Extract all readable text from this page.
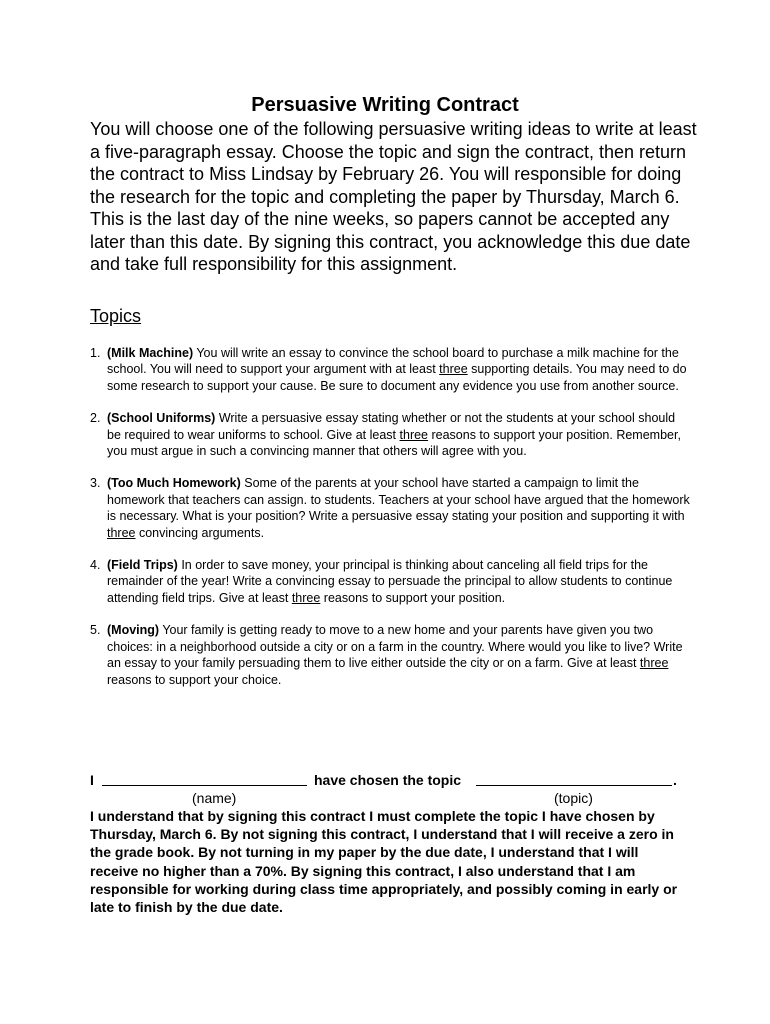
Persuasive Writing Contract

You will choose one of the following persuasive writing ideas to write at least a five-paragraph essay. Choose the topic and sign the contract, then return the contract to Miss Lindsay by February 26. You will responsible for doing the research for the topic and completing the paper by Thursday, March 6. This is the last day of the nine weeks, so papers cannot be accepted any later than this date. By signing this contract, you acknowledge this due date and take full responsibility for this assignment.

Topics
1. (Milk Machine) You will write an essay to convince the school board to purchase a milk machine for the school. You will need to support your argument with at least three supporting details. You may need to do some research to support your cause. Be sure to document any evidence you use from another source.
2. (School Uniforms) Write a persuasive essay stating whether or not the students at your school should be required to wear uniforms to school. Give at least three reasons to support your position. Remember, you must argue in such a convincing manner that others will agree with you.
3. (Too Much Homework) Some of the parents at your school have started a campaign to limit the homework that teachers can assign. to students. Teachers at your school have argued that the homework is necessary. What is your position? Write a persuasive essay stating your position and supporting it with three convincing arguments.
4. (Field Trips) In order to save money, your principal is thinking about canceling all field trips for the remainder of the year! Write a convincing essay to persuade the principal to allow students to continue attending field trips. Give at least three reasons to support your position.
5. (Moving) Your family is getting ready to move to a new home and your parents have given you two choices: in a neighborhood outside a city or on a farm in the country. Where would you like to live? Write an essay to your family persuading them to live either outside the city or on a farm. Give at least three reasons to support your choice.
I	have chosen the topic	.
(name)	(topic)

I understand that by signing this contract I must complete the topic I have chosen by Thursday, March 6. By not signing this contract, I understand that I will receive a zero in the grade book. By not turning in my paper by the due date, I understand that I will receive no higher than a 70%. By signing this contract, I also understand that I am responsible for working during class time appropriately, and possibly coming in early or late to finish by the due date.
